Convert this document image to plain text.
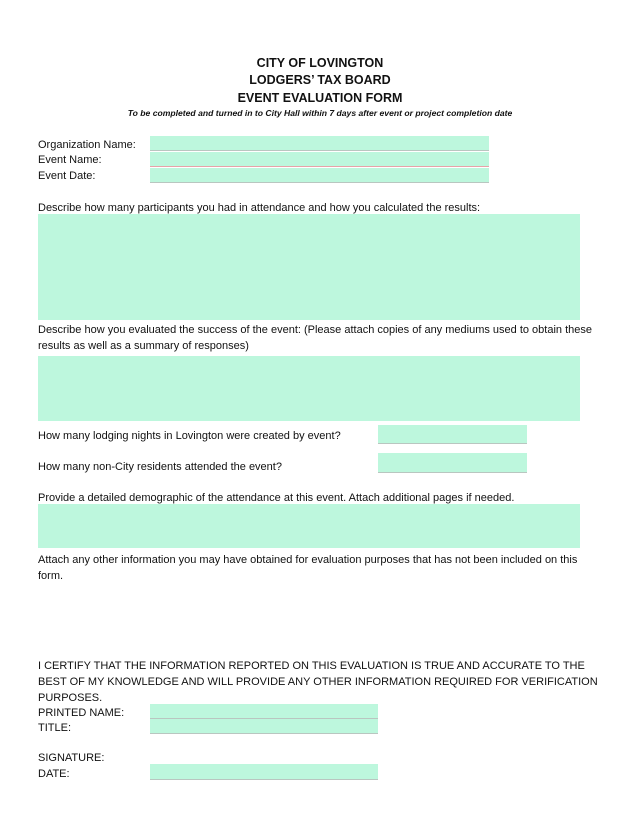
CITY OF LOVINGTON
LODGERS’ TAX BOARD
EVENT EVALUATION FORM
To be completed and turned in to City Hall within 7 days after event or project completion date
Organization Name:
Event Name:
Event Date:
Describe how many participants you had in attendance and how you calculated the results:
Describe how you evaluated the success of the event: (Please attach copies of any mediums used to obtain these results as well as a summary of responses)
How many lodging nights in Lovington were created by event?
How many non-City residents attended the event?
Provide a detailed demographic of the attendance at this event. Attach additional pages if needed.
Attach any other information you may have obtained for evaluation purposes that has not been included on this form.
I CERTIFY THAT THE INFORMATION REPORTED ON THIS EVALUATION IS TRUE AND ACCURATE TO THE BEST OF MY KNOWLEDGE AND WILL PROVIDE ANY OTHER INFORMATION REQUIRED FOR VERIFICATION PURPOSES.
PRINTED NAME:
TITLE:
SIGNATURE:
DATE:
